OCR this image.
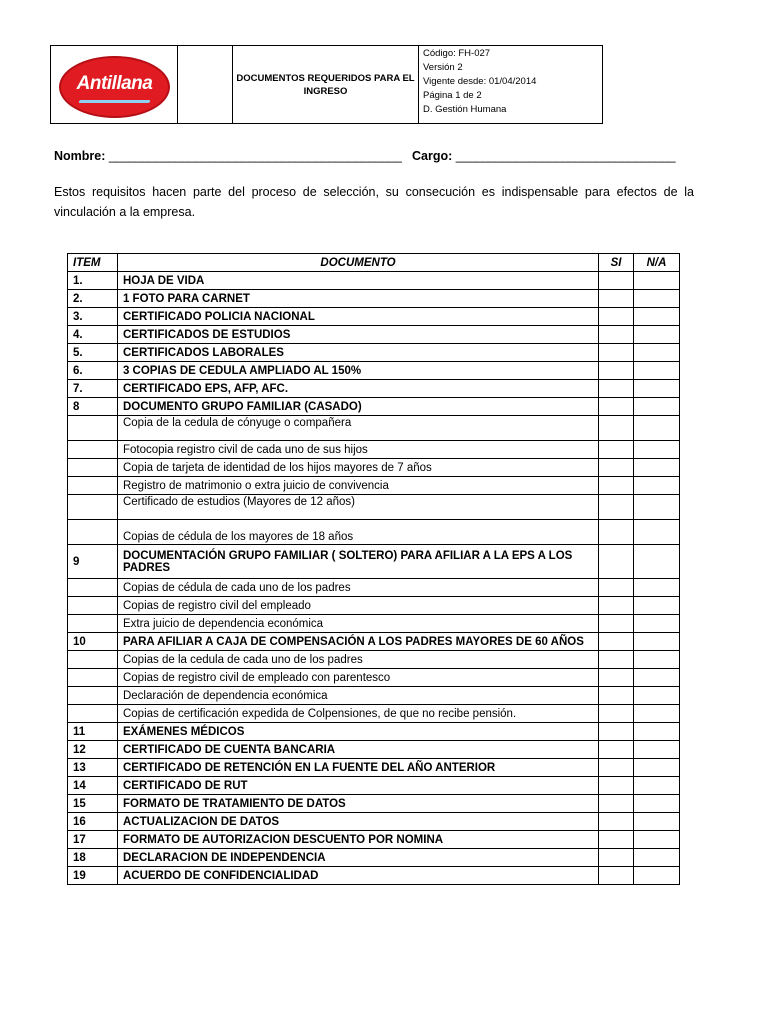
Antillana	DOCUMENTOS REQUERIDOS PARA EL
INGRESO
Código: FH-027
Versión 2
Vigente desde: 01/04/2014
Página 1 de 2
D. Gestión Humana
Nombre: ____________________________________________ Cargo: _________________________________
Estos requisitos hacen parte del proceso de selección, su consecución es indispensable para efectos de la vinculación a la empresa.
ITEM	DOCUMENTO	SI	N/A
1.	HOJA DE VIDA		
2.	1 FOTO PARA CARNET		
3.	CERTIFICADO POLICIA NACIONAL		
4.	CERTIFICADOS DE ESTUDIOS		
5.	CERTIFICADOS LABORALES		
6.	3 COPIAS DE CEDULA AMPLIADO AL 150%		
7.	CERTIFICADO EPS, AFP, AFC.		
8	DOCUMENTO GRUPO FAMILIAR (CASADO)		
	Copia de la cedula de cónyuge o compañera		
	Fotocopia registro civil de cada uno de sus hijos		
	Copia de tarjeta de identidad de los hijos mayores de 7 años		
	Registro de matrimonio o extra juicio de convivencia		
	Certificado de estudios (Mayores de 12 años)		
	Copias de cédula de los mayores de 18 años		
9	DOCUMENTACIÓN GRUPO FAMILIAR ( SOLTERO) PARA AFILIAR A LA EPS A LOS PADRES		
	Copias de cédula de cada uno de los padres		
	Copias de registro civil del empleado		
	Extra juicio de dependencia económica		
10	PARA AFILIAR A CAJA DE COMPENSACIÓN A LOS PADRES MAYORES DE 60 AÑOS		
	Copias de la cedula de cada uno de los padres		
	Copias de registro civil de empleado con parentesco		
	Declaración de dependencia económica		
	Copias de certificación expedida de Colpensiones, de que no recibe pensión.		
11	EXÁMENES MÉDICOS		
12	CERTIFICADO DE CUENTA BANCARIA		
13	CERTIFICADO DE RETENCIÓN EN LA FUENTE DEL AÑO ANTERIOR		
14	CERTIFICADO DE RUT		
15	FORMATO DE TRATAMIENTO DE DATOS		
16	ACTUALIZACION DE DATOS		
17	FORMATO DE AUTORIZACION DESCUENTO POR NOMINA		
18	DECLARACION DE INDEPENDENCIA		
19	ACUERDO DE CONFIDENCIALIDAD		
